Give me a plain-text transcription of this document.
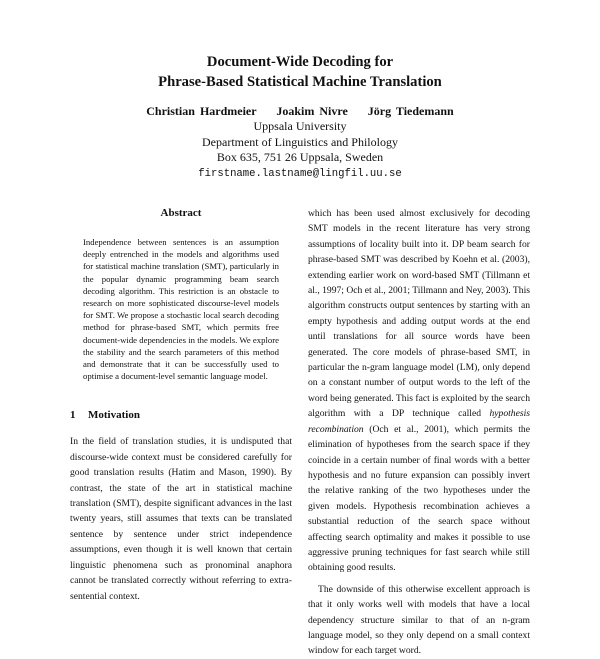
Document-Wide Decoding for

Phrase-Based Statistical Machine Translation

Christian Hardmeier    Joakim Nivre    Jörg Tiedemann
Uppsala University
Department of Linguistics and Philology
Box 635, 751 26 Uppsala, Sweden
firstname.lastname@lingfil.uu.se
Abstract

Independence between sentences is an assumption deeply entrenched in the models and algorithms used for statistical machine translation (SMT), particularly in the popular dynamic programming beam search decoding algorithm. This restriction is an obstacle to research on more sophisticated discourse-level models for SMT. We propose a stochastic local search decoding method for phrase-based SMT, which permits free document-wide dependencies in the models. We explore the stability and the search parameters of this method and demonstrate that it can be successfully used to optimise a document-level semantic language model.

1 Motivation

In the field of translation studies, it is undisputed that discourse-wide context must be considered carefully for good translation results (Hatim and Mason, 1990). By contrast, the state of the art in statistical machine translation (SMT), despite significant advances in the last twenty years, still assumes that texts can be translated sentence by sentence under strict independence assumptions, even though it is well known that certain linguistic phenomena such as pronominal anaphora cannot be translated correctly without referring to extra-sentential context.

which has been used almost exclusively for decoding SMT models in the recent literature has very strong assumptions of locality built into it. DP beam search for phrase-based SMT was described by Koehn et al. (2003), extending earlier work on word-based SMT (Tillmann et al., 1997; Och et al., 2001; Tillmann and Ney, 2003). This algorithm constructs output sentences by starting with an empty hypothesis and adding output words at the end until translations for all source words have been generated. The core models of phrase-based SMT, in particular the n-gram language model (LM), only depend on a constant number of output words to the left of the word being generated. This fact is exploited by the search algorithm with a DP technique called hypothesis recombination (Och et al., 2001), which permits the elimination of hypotheses from the search space if they coincide in a certain number of final words with a better hypothesis and no future expansion can possibly invert the relative ranking of the two hypotheses under the given models. Hypothesis recombination achieves a substantial reduction of the search space without affecting search optimality and makes it possible to use aggressive pruning techniques for fast search while still obtaining good results.

The downside of this otherwise excellent approach is that it only works well with models that have a local dependency structure similar to that of an n-gram language model, so they only depend on a small context window for each target word.
